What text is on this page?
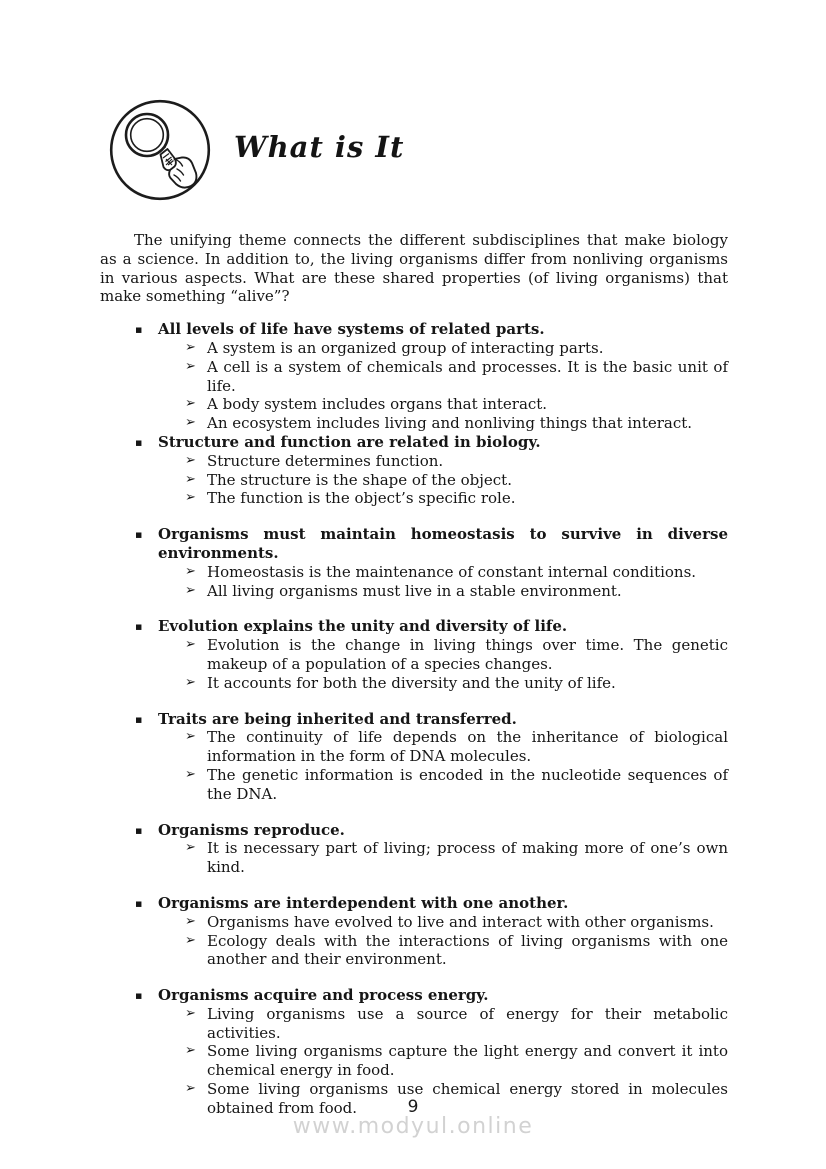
What is It

The unifying theme connects the different subdisciplines that make biology as a science. In addition to, the living organisms differ from nonliving organisms in various aspects. What are these shared properties (of living organisms) that make something “alive”?

▪ All levels of life have systems of related parts.
➢ A system is an organized group of interacting parts.
➢ A cell is a system of chemicals and processes. It is the basic unit of life.
➢ A body system includes organs that interact.
➢ An ecosystem includes living and nonliving things that interact.
▪ Structure and function are related in biology.
➢ Structure determines function.
➢ The structure is the shape of the object.
➢ The function is the object’s specific role.
▪ Organisms must maintain homeostasis to survive in diverse environments.
➢ Homeostasis is the maintenance of constant internal conditions.
➢ All living organisms must live in a stable environment.
▪ Evolution explains the unity and diversity of life.
➢ Evolution is the change in living things over time. The genetic makeup of a population of a species changes.
➢ It accounts for both the diversity and the unity of life.
▪ Traits are being inherited and transferred.
➢ The continuity of life depends on the inheritance of biological information in the form of DNA molecules.
➢ The genetic information is encoded in the nucleotide sequences of the DNA.
▪ Organisms reproduce.
➢ It is necessary part of living; process of making more of one’s own kind.
▪ Organisms are interdependent with one another.
➢ Organisms have evolved to live and interact with other organisms.
➢ Ecology deals with the interactions of living organisms with one another and their environment.
▪ Organisms acquire and process energy.
➢ Living organisms use a source of energy for their metabolic activities.
➢ Some living organisms capture the light energy and convert it into chemical energy in food.
➢ Some living organisms use chemical energy stored in molecules obtained from food.	9
www.modyul.online
